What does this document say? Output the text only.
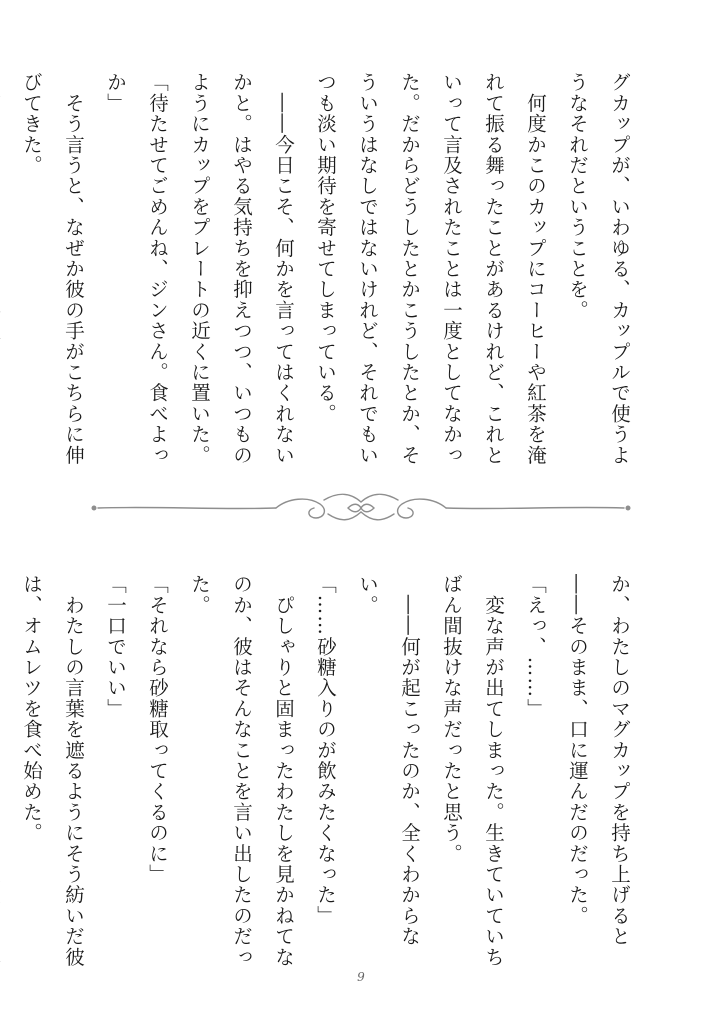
グカップが、いわゆる、カップルで使うようなそれだということを。

　何度かこのカップにコーヒーや紅茶を淹れて振る舞ったことがあるけれど、これといって言及されたことは一度としてなかった。だからどうしたとかこうしたとか、そういうはなしではないけれど、それでもいつも淡い期待を寄せてしまっている。

　――今日こそ、何かを言ってはくれないかと。はやる気持ちを抑えつつ、いつものようにカップをプレートの近くに置いた。

「待たせてごめんね、ジンさん。食べよっか」

　そう言うと、なぜか彼の手がこちらに伸びてきた。

か、わたしのマグカップを持ち上げると――そのまま、口に運んだのだった。

「えっ、……」

　変な声が出てしまった。生きていていちばん間抜けな声だったと思う。

　――何が起こったのか、全くわからない。

「……砂糖入りのが飲みたくなった」

　ぴしゃりと固まったわたしを見かねてなのか、彼はそんなことを言い出したのだった。

「それなら砂糖取ってくるのに」

「一口でいい」

　わたしの言葉を遮るようにそう紡いだ彼は、オムレツを食べ始めた。

9
